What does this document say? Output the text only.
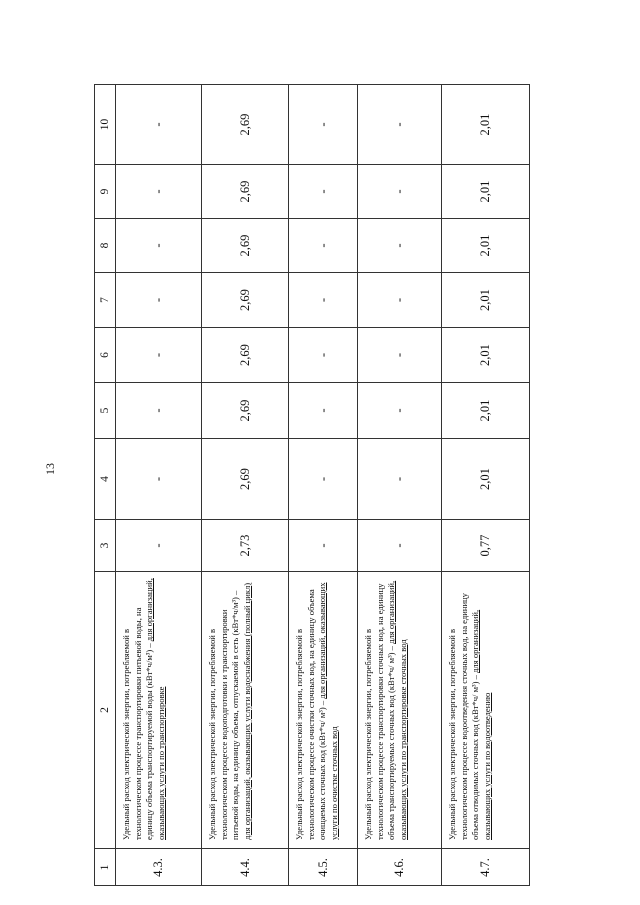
13
1
2
3
4
5
6
7
8
9
10
4.3.
Удельный расход электрической энергии, потребляемой в технологическом процессе транспортировки питьевой воды, на единицу объема транспортируемой воды (кВт*ч/м³) – для организаций, оказывающих услуги по транспортировке
-
-
-
-
-
-
-
-
4.4.
Удельный расход электрической энергии, потребляемой в технологическом процессе водоподготовки и транспортировки питьевой воды, на единицу объема, отпускаемой в сеть (кВт*ч/м³) – для организаций, оказывающих услуги водоснабжения (полный цикл)
2,73
2,69
2,69
2,69
2,69
2,69
2,69
2,69
4.5.
Удельный расход электрической энергии, потребляемой в технологическом процессе очистки сточных вод, на единицу объема очищаемых сточных вод (кВт*ч/ м³) – для организаций, оказывающих услуги по очистке сточных вод
-
-
-
-
-
-
-
-
4.6.
Удельный расход электрической энергии, потребляемой в технологическом процессе транспортировки сточных вод, на единицу объема транспортируемых сточных вод (кВт*ч/ м³) – для организаций, оказывающих услуги по транспортировке сточных вод
-
-
-
-
-
-
-
-
4.7.
Удельный расход электрической энергии, потребляемой в технологическом процессе водоотведения сточных вод, на единицу объема отводимых сточных вод (кВт*ч/ м³) – для организаций, оказывающих услуги по водоотведению
0,77
2,01
2,01
2,01
2,01
2,01
2,01
2,01
